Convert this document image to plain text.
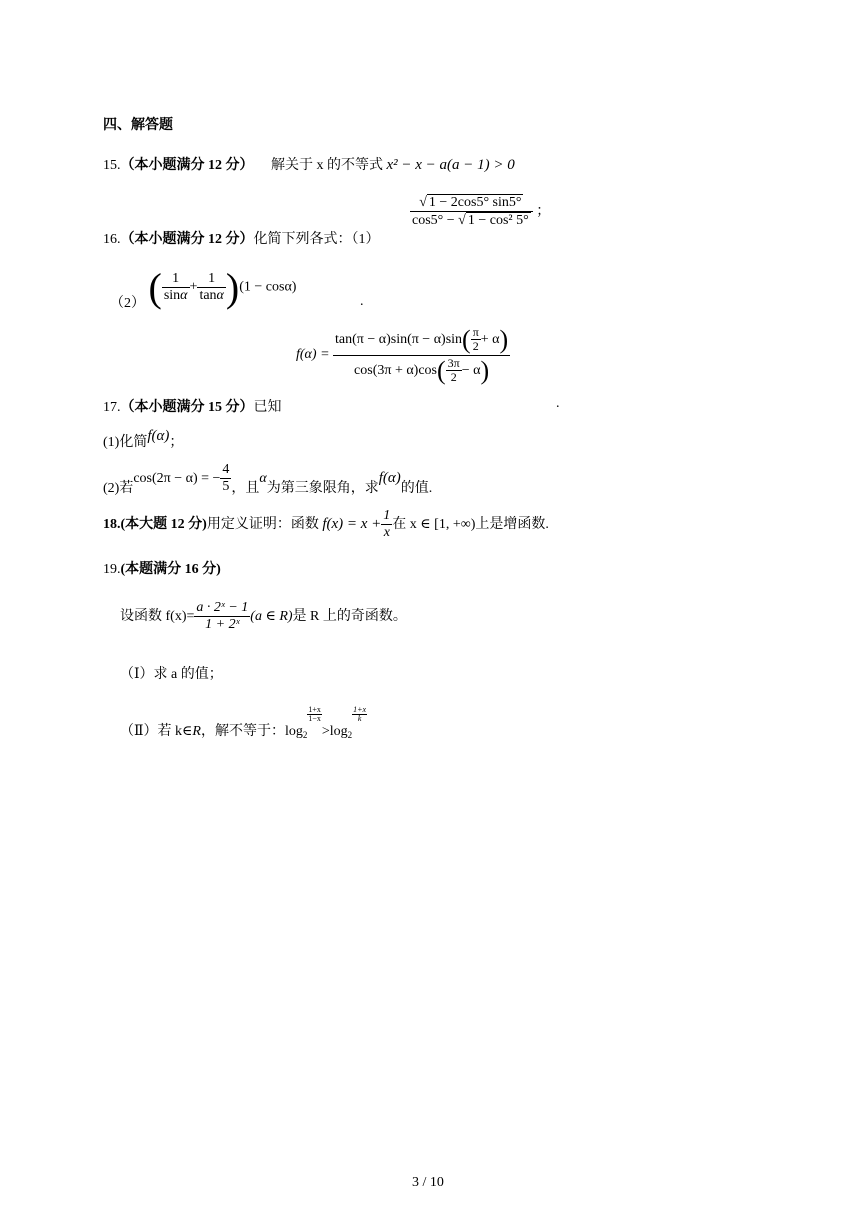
四、解答题
15.（本小题满分 12 分） 解关于 x 的不等式 x² − x − a(a − 1) > 0
16.（本小题满分 12 分）化简下列各式：（1）
$\frac{√ 1 - 2\cos 5^\circ \sin 5^\circ}{\text{cos5° − √ 1 − cos² 5°}}$ ；
（2） ( $\frac{1}{\sin\alpha} + \frac{1}{\tan\alpha} )(1 - \cos\alpha)$ .
$f(\alpha) = \frac{\tan(\pi - \alpha)\sin(\pi - \alpha)\sin( \frac{\pi}{2} + \alpha)}{\cos(3\pi + \alpha)\cos( \frac{3\pi}{2} - \alpha)}$
17.（本小题满分 15 分）已知	.
(1)化简f(α)；
(2)若cos(2π − α) = − $\frac{4}{5}$ ，且α为第三象限角，求f(α)的值.
18.(本大题 12 分)用定义证明：函数 $f(x) = x + \frac{1}{x}$ 在 x ∈ [1, +∞)上是增函数.
19.(本题满分 16 分)
设函数 $f(x)= \frac{\text{a · 2ˣ − 1}}{\text{1 + 2ˣ}} (a$ ∈ R)是 R 上的奇函数。
（Ⅰ）求 a 的值；
（Ⅱ）若 k∈R，解不等于：$\log_2$
$\frac{1+x}{1-x}$
$>\log_2$
$\frac{1+x}{k}$
3 / 10
